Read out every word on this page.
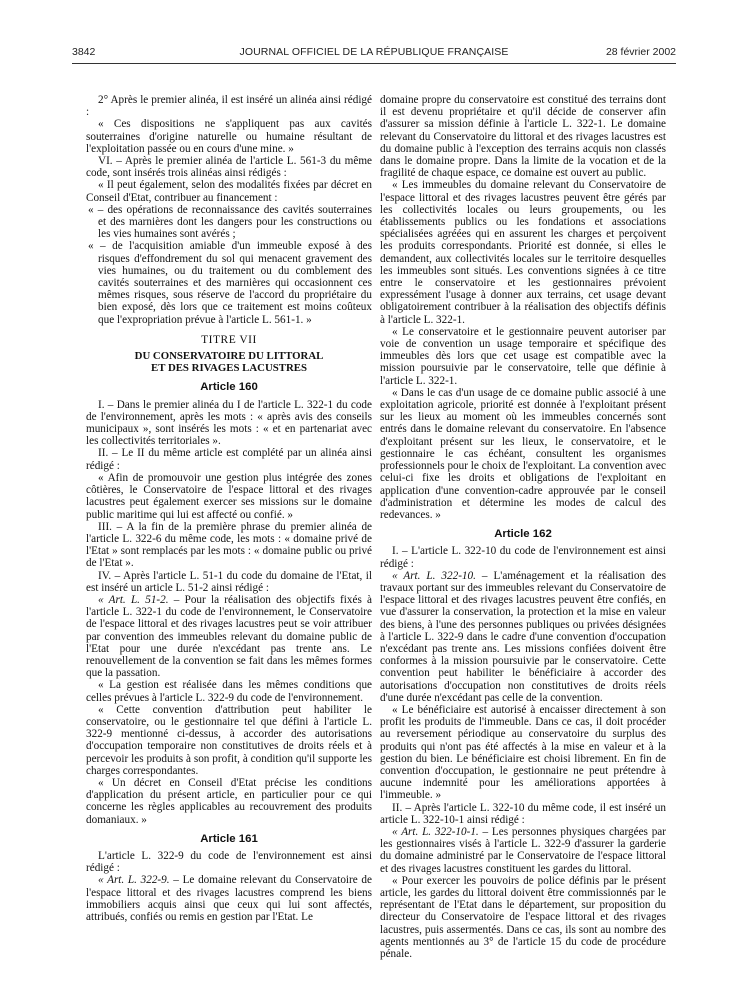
3842	JOURNAL OFFICIEL DE LA RÉPUBLIQUE FRANÇAISE	28 février 2002

2° Après le premier alinéa, il est inséré un alinéa ainsi rédigé :

« Ces dispositions ne s'appliquent pas aux cavités souterraines d'origine naturelle ou humaine résultant de l'exploitation passée ou en cours d'une mine. »

VI. – Après le premier alinéa de l'article L. 561-3 du même code, sont insérés trois alinéas ainsi rédigés :

« Il peut également, selon des modalités fixées par décret en Conseil d'Etat, contribuer au financement :

« – des opérations de reconnaissance des cavités souterraines et des marnières dont les dangers pour les constructions ou les vies humaines sont avérés ;

« – de l'acquisition amiable d'un immeuble exposé à des risques d'effondrement du sol qui menacent gravement des vies humaines, ou du traitement ou du comblement des cavités souterraines et des marnières qui occasionnent ces mêmes risques, sous réserve de l'accord du propriétaire du bien exposé, dès lors que ce traitement est moins coûteux que l'expropriation prévue à l'article L. 561-1. »

TITRE VII
DU CONSERVATOIRE DU LITTORAL
ET DES RIVAGES LACUSTRES
Article 160

I. – Dans le premier alinéa du I de l'article L. 322-1 du code de l'environnement, après les mots : « après avis des conseils municipaux », sont insérés les mots : « et en partenariat avec les collectivités territoriales ».

II. – Le II du même article est complété par un alinéa ainsi rédigé :

« Afin de promouvoir une gestion plus intégrée des zones côtières, le Conservatoire de l'espace littoral et des rivages lacustres peut également exercer ses missions sur le domaine public maritime qui lui est affecté ou confié. »

III. – A la fin de la première phrase du premier alinéa de l'article L. 322-6 du même code, les mots : « domaine privé de l'Etat » sont remplacés par les mots : « domaine public ou privé de l'Etat ».

IV. – Après l'article L. 51-1 du code du domaine de l'Etat, il est inséré un article L. 51-2 ainsi rédigé :

« Art. L. 51-2. – Pour la réalisation des objectifs fixés à l'article L. 322-1 du code de l'environnement, le Conservatoire de l'espace littoral et des rivages lacustres peut se voir attribuer par convention des immeubles relevant du domaine public de l'Etat pour une durée n'excédant pas trente ans. Le renouvellement de la convention se fait dans les mêmes formes que la passation.

« La gestion est réalisée dans les mêmes conditions que celles prévues à l'article L. 322-9 du code de l'environnement.

« Cette convention d'attribution peut habiliter le conservatoire, ou le gestionnaire tel que défini à l'article L. 322-9 mentionné ci-dessus, à accorder des autorisations d'occupation temporaire non constitutives de droits réels et à percevoir les produits à son profit, à condition qu'il supporte les charges correspondantes.

« Un décret en Conseil d'Etat précise les conditions d'application du présent article, en particulier pour ce qui concerne les règles applicables au recouvrement des produits domaniaux. »

Article 161

L'article L. 322-9 du code de l'environnement est ainsi rédigé :

« Art. L. 322-9. – Le domaine relevant du Conservatoire de l'espace littoral et des rivages lacustres comprend les biens immobiliers acquis ainsi que ceux qui lui sont affectés, attribués, confiés ou remis en gestion par l'Etat. Le

domaine propre du conservatoire est constitué des terrains dont il est devenu propriétaire et qu'il décide de conserver afin d'assurer sa mission définie à l'article L. 322-1. Le domaine relevant du Conservatoire du littoral et des rivages lacustres est du domaine public à l'exception des terrains acquis non classés dans le domaine propre. Dans la limite de la vocation et de la fragilité de chaque espace, ce domaine est ouvert au public.

« Les immeubles du domaine relevant du Conservatoire de l'espace littoral et des rivages lacustres peuvent être gérés par les collectivités locales ou leurs groupements, ou les établissements publics ou les fondations et associations spécialisées agréées qui en assurent les charges et perçoivent les produits correspondants. Priorité est donnée, si elles le demandent, aux collectivités locales sur le territoire desquelles les immeubles sont situés. Les conventions signées à ce titre entre le conservatoire et les gestionnaires prévoient expressément l'usage à donner aux terrains, cet usage devant obligatoirement contribuer à la réalisation des objectifs définis à l'article L. 322-1.

« Le conservatoire et le gestionnaire peuvent autoriser par voie de convention un usage temporaire et spécifique des immeubles dès lors que cet usage est compatible avec la mission poursuivie par le conservatoire, telle que définie à l'article L. 322-1.

« Dans le cas d'un usage de ce domaine public associé à une exploitation agricole, priorité est donnée à l'exploitant présent sur les lieux au moment où les immeubles concernés sont entrés dans le domaine relevant du conservatoire. En l'absence d'exploitant présent sur les lieux, le conservatoire, et le gestionnaire le cas échéant, consultent les organismes professionnels pour le choix de l'exploitant. La convention avec celui-ci fixe les droits et obligations de l'exploitant en application d'une convention-cadre approuvée par le conseil d'administration et détermine les modes de calcul des redevances. »

Article 162

I. – L'article L. 322-10 du code de l'environnement est ainsi rédigé :

« Art. L. 322-10. – L'aménagement et la réalisation des travaux portant sur des immeubles relevant du Conservatoire de l'espace littoral et des rivages lacustres peuvent être confiés, en vue d'assurer la conservation, la protection et la mise en valeur des biens, à l'une des personnes publiques ou privées désignées à l'article L. 322-9 dans le cadre d'une convention d'occupation n'excédant pas trente ans. Les missions confiées doivent être conformes à la mission poursuivie par le conservatoire. Cette convention peut habiliter le bénéficiaire à accorder des autorisations d'occupation non constitutives de droits réels d'une durée n'excédant pas celle de la convention.

« Le bénéficiaire est autorisé à encaisser directement à son profit les produits de l'immeuble. Dans ce cas, il doit procéder au reversement périodique au conservatoire du surplus des produits qui n'ont pas été affectés à la mise en valeur et à la gestion du bien. Le bénéficiaire est choisi librement. En fin de convention d'occupation, le gestionnaire ne peut prétendre à aucune indemnité pour les améliorations apportées à l'immeuble. »

II. – Après l'article L. 322-10 du même code, il est inséré un article L. 322-10-1 ainsi rédigé :

« Art. L. 322-10-1. – Les personnes physiques chargées par les gestionnaires visés à l'article L. 322-9 d'assurer la garderie du domaine administré par le Conservatoire de l'espace littoral et des rivages lacustres constituent les gardes du littoral.

« Pour exercer les pouvoirs de police définis par le présent article, les gardes du littoral doivent être commissionnés par le représentant de l'Etat dans le département, sur proposition du directeur du Conservatoire de l'espace littoral et des rivages lacustres, puis assermentés. Dans ce cas, ils sont au nombre des agents mentionnés au 3° de l'article 15 du code de procédure pénale.
